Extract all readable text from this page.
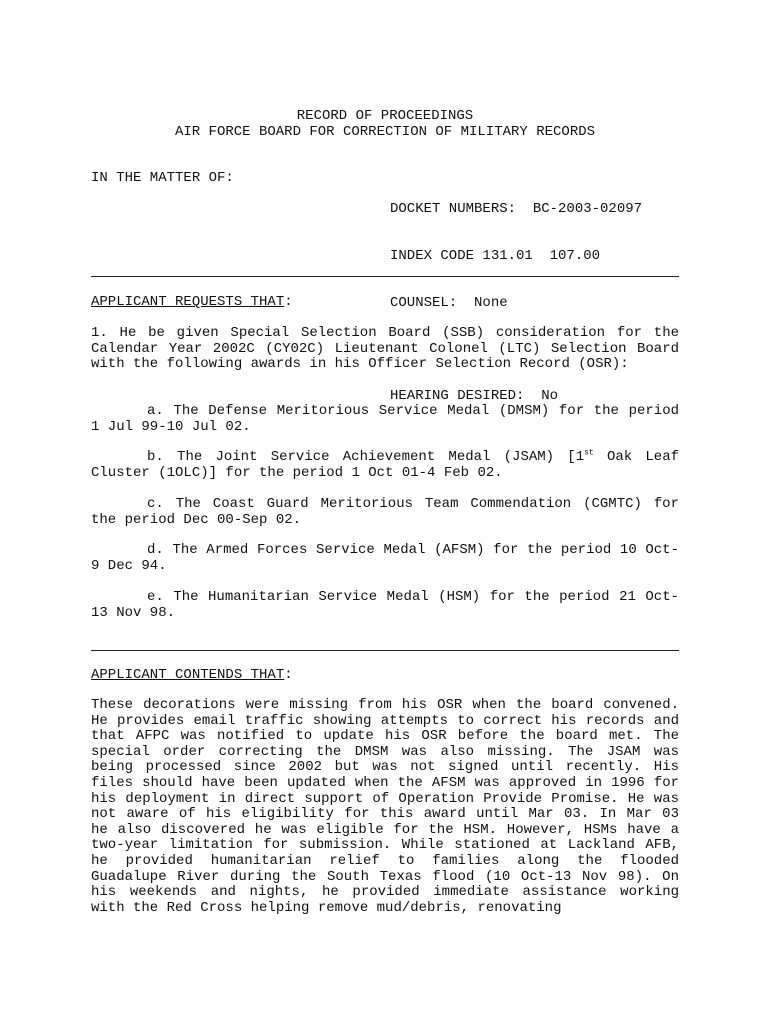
RECORD OF PROCEEDINGS
AIR FORCE BOARD FOR CORRECTION OF MILITARY RECORDS
IN THE MATTER OF:

DOCKET NUMBERS:  BC-2003-02097

INDEX CODE 131.01  107.00

COUNSEL:  None

HEARING DESIRED:  No

APPLICANT REQUESTS THAT:

1. He be given Special Selection Board (SSB) consideration for the Calendar Year 2002C (CY02C) Lieutenant Colonel (LTC) Selection Board with the following awards in his Officer Selection Record (OSR):

a. The Defense Meritorious Service Medal (DMSM) for the period 1 Jul 99-10 Jul 02.

b. The Joint Service Achievement Medal (JSAM) [1st Oak Leaf Cluster (1OLC)] for the period 1 Oct 01-4 Feb 02.

c. The Coast Guard Meritorious Team Commendation (CGMTC) for the period Dec 00-Sep 02.

d. The Armed Forces Service Medal (AFSM) for the period 10 Oct-9 Dec 94.

e. The Humanitarian Service Medal (HSM) for the period 21 Oct-13 Nov 98.

APPLICANT CONTENDS THAT:

These decorations were missing from his OSR when the board convened. He provides email traffic showing attempts to correct his records and that AFPC was notified to update his OSR before the board met. The special order correcting the DMSM was also missing. The JSAM was being processed since 2002 but was not signed until recently. His files should have been updated when the AFSM was approved in 1996 for his deployment in direct support of Operation Provide Promise. He was not aware of his eligibility for this award until Mar 03. In Mar 03 he also discovered he was eligible for the HSM. However, HSMs have a two-year limitation for submission. While stationed at Lackland AFB, he provided humanitarian relief to families along the flooded Guadalupe River during the South Texas flood (10 Oct-13 Nov 98). On his weekends and nights, he provided immediate assistance working with the Red Cross helping remove mud/debris, renovating
